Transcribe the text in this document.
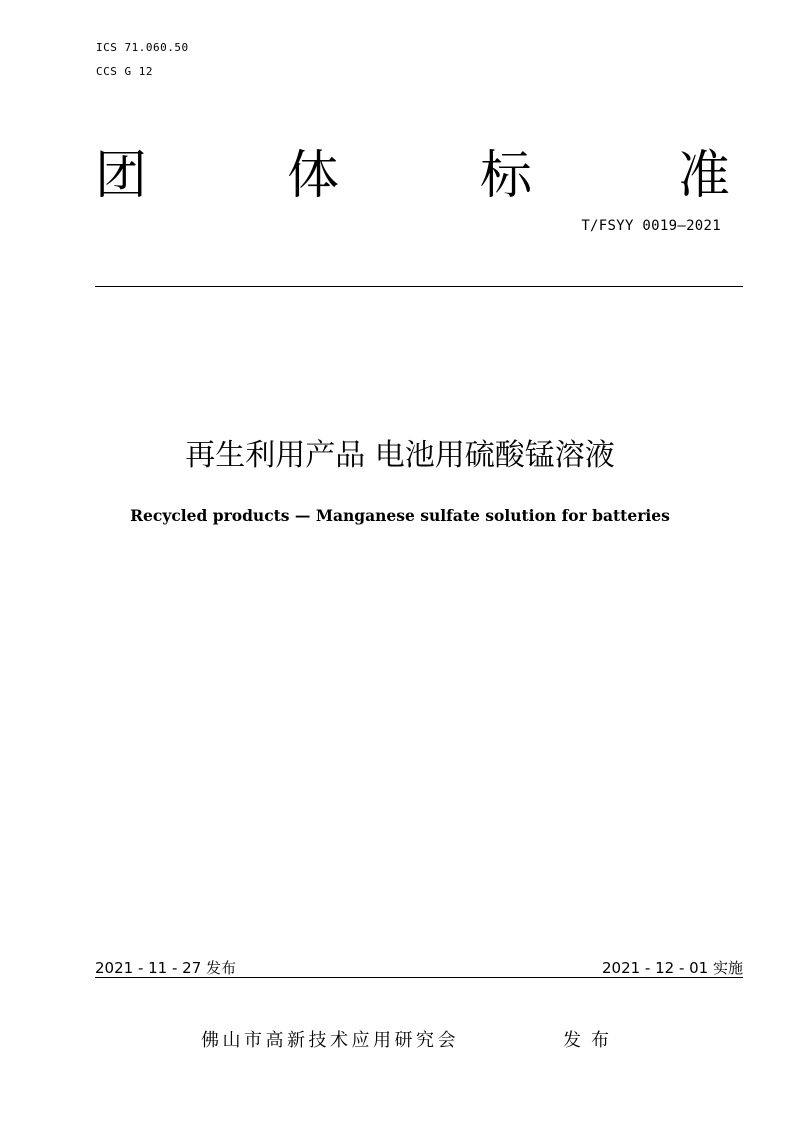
ICS 71.060.50
CCS G 12
团	体	标	准
T/FSYY 0019—2021
再生利用产品 电池用硫酸锰溶液
Recycled products — Manganese sulfate solution for batteries
2021 - 11 - 27 发布	2021 - 12 - 01 实施
佛山市高新技术应用研究会	发布
